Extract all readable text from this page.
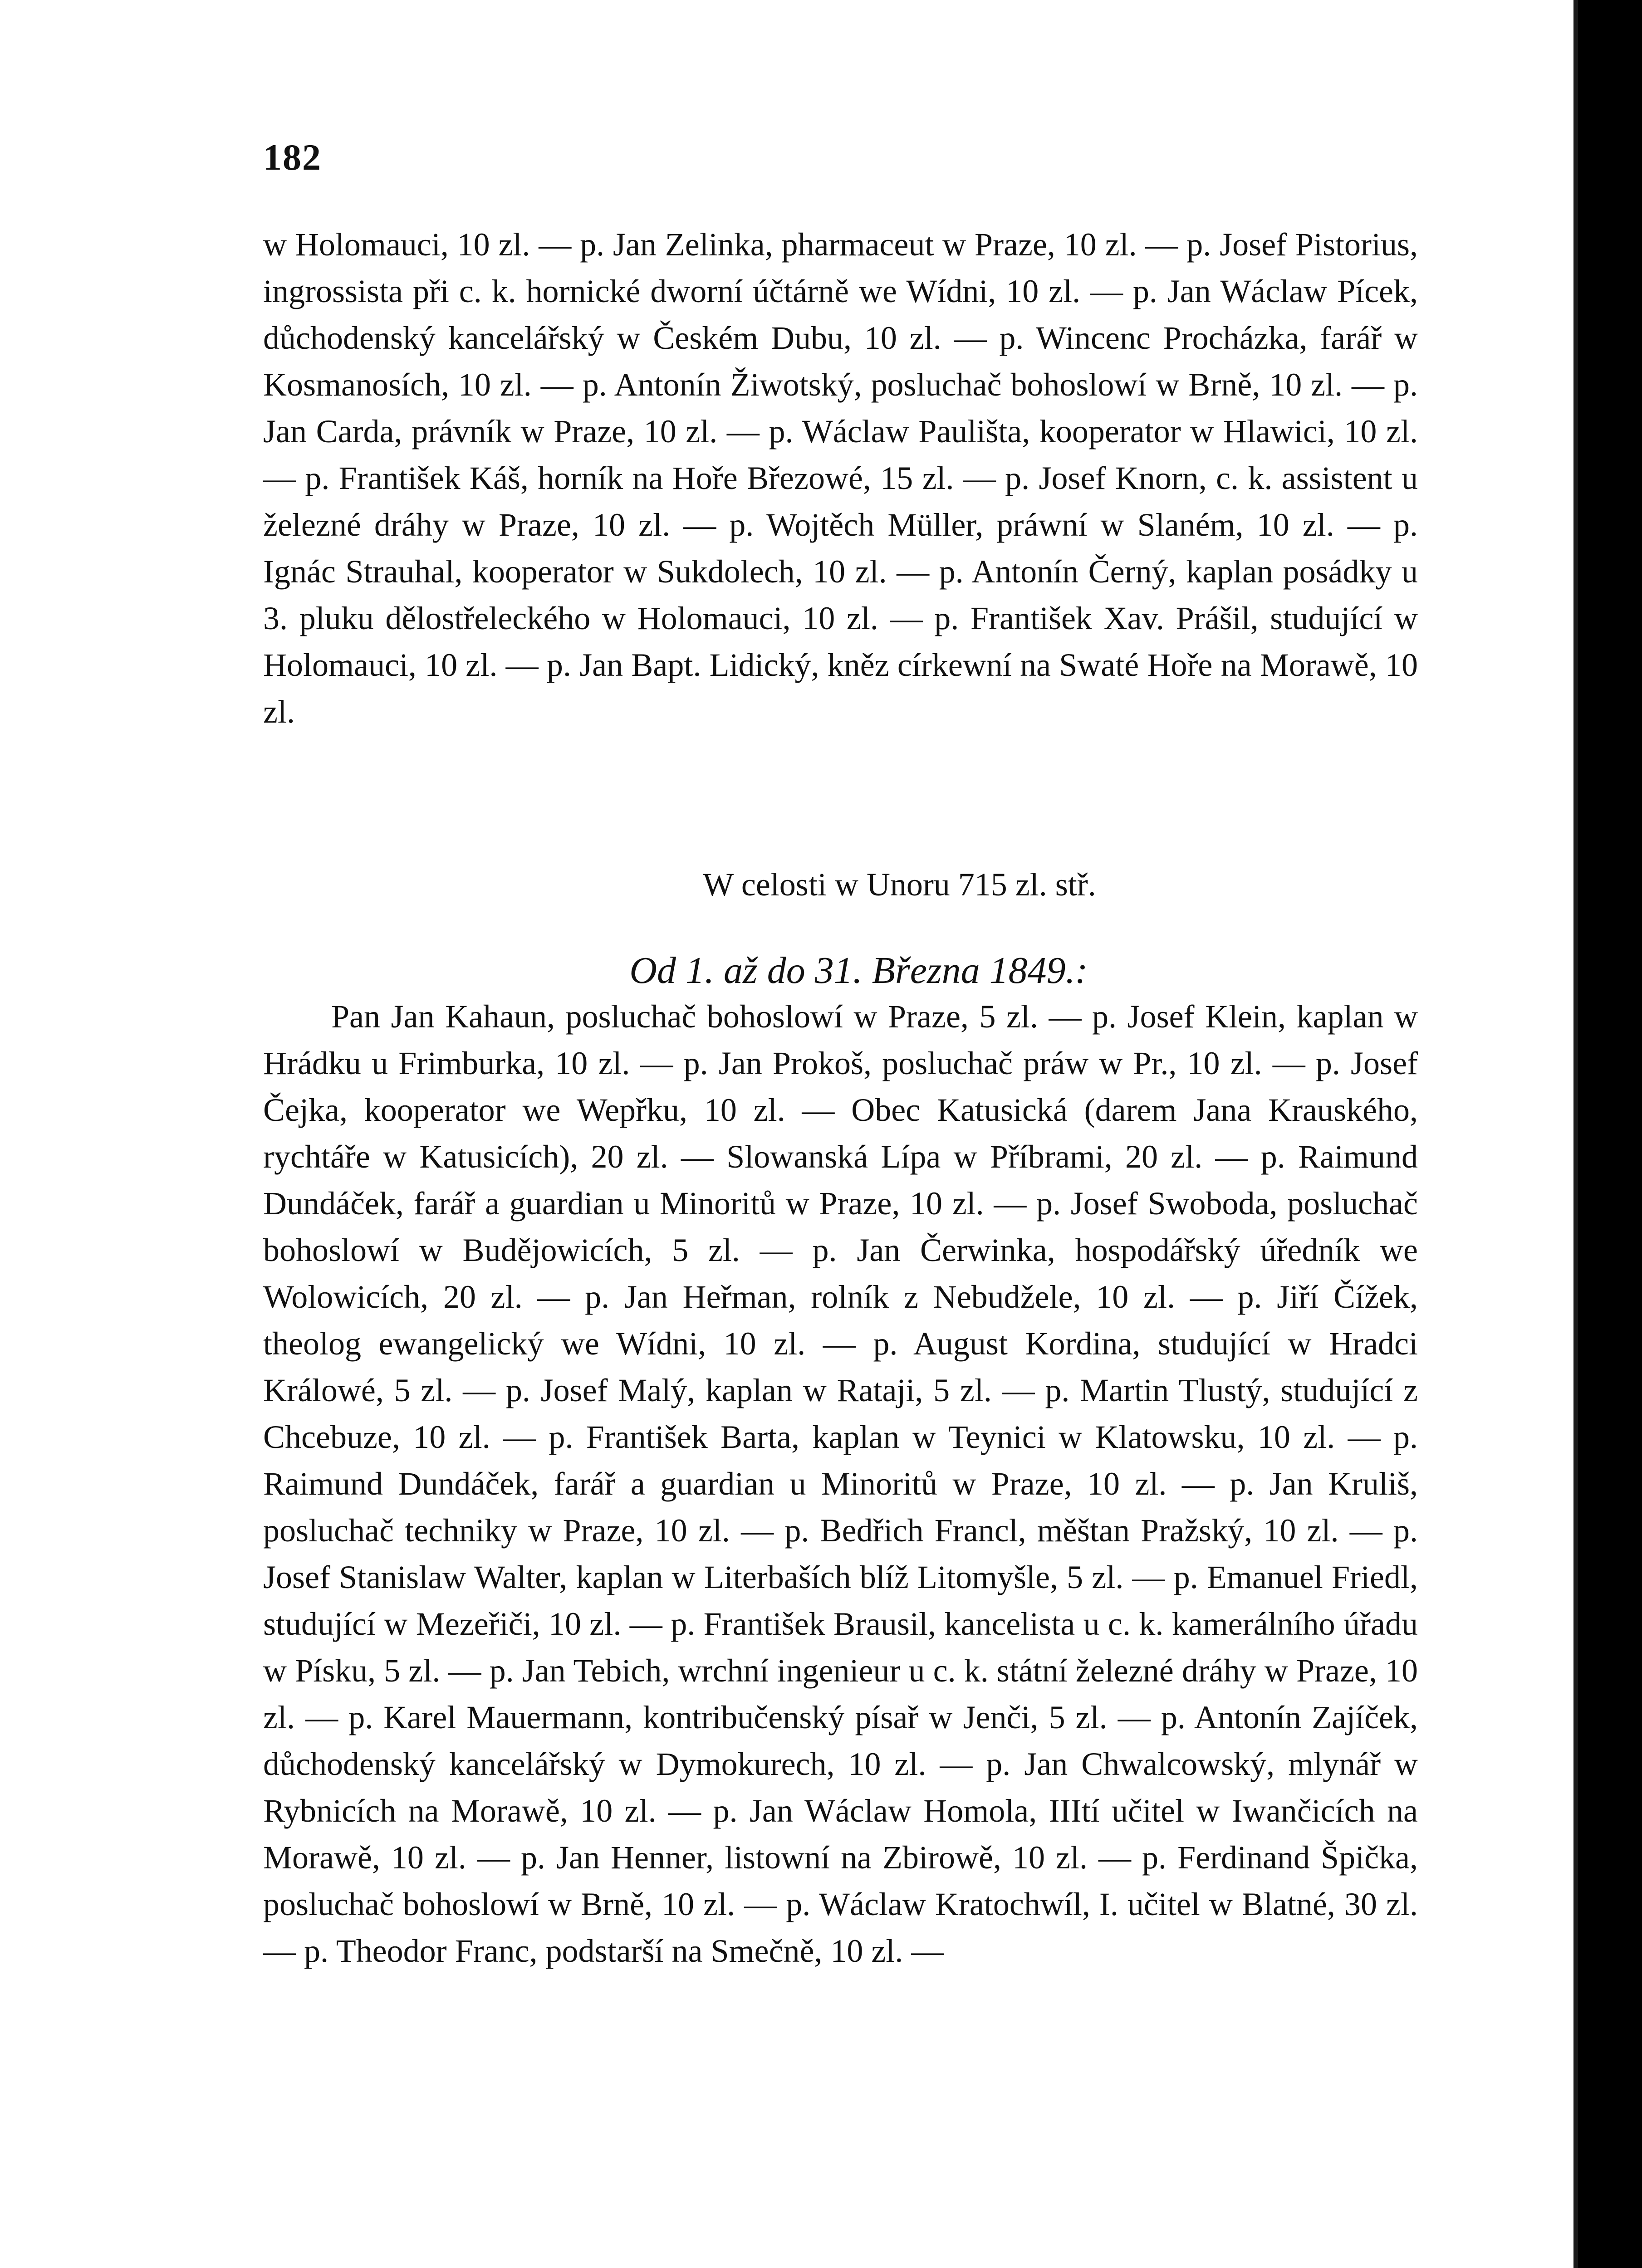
182

w Holomauci, 10 zl. — p. Jan Zelinka, pharmaceut w Praze, 10 zl. — p. Josef Pistorius, ingrossista při c. k. hornické dworní účtárně we Wídni, 10 zl. — p. Jan Wáclaw Pícek, důchodenský kancelářský w Českém Dubu, 10 zl. — p. Wincenc Procházka, farář w Kosmanosích, 10 zl. — p. Antonín Žiwotský, posluchač bohoslowí w Brně, 10 zl. — p. Jan Carda, právník w Praze, 10 zl. — p. Wáclaw Paulišta, kooperator w Hlawici, 10 zl. — p. František Káš, horník na Hoře Březowé, 15 zl. — p. Josef Knorn, c. k. assistent u železné dráhy w Praze, 10 zl. — p. Wojtěch Müller, práwní w Slaném, 10 zl. — p. Ignác Strauhal, kooperator w Sukdolech, 10 zl. — p. Antonín Černý, kaplan posádky u 3. pluku dělostřeleckého w Holomauci, 10 zl. — p. František Xav. Prášil, studující w Holomauci, 10 zl. — p. Jan Bapt. Lidický, kněz církewní na Swaté Hoře na Morawě, 10 zl.

W celosti w Unoru 715 zl. stř.
Od 1. až do 31. Března 1849.:

Pan Jan Kahaun, posluchač bohoslowí w Praze, 5 zl. — p. Josef Klein, kaplan w Hrádku u Frimburka, 10 zl. — p. Jan Prokoš, posluchač práw w Pr., 10 zl. — p. Josef Čejka, kooperator we Wepřku, 10 zl. — Obec Katusická (darem Jana Krauského, rychtáře w Katusicích), 20 zl. — Slowanská Lípa w Příbrami, 20 zl. — p. Raimund Dundáček, farář a guardian u Minoritů w Praze, 10 zl. — p. Josef Swoboda, posluchač bohoslowí w Budějowicích, 5 zl. — p. Jan Čerwinka, hospodářský úředník we Wolowicích, 20 zl. — p. Jan Heřman, rolník z Nebudžele, 10 zl. — p. Jiří Čížek, theolog ewangelický we Wídni, 10 zl. — p. August Kordina, studující w Hradci Králowé, 5 zl. — p. Josef Malý, kaplan w Rataji, 5 zl. — p. Martin Tlustý, studující z Chcebuze, 10 zl. — p. František Barta, kaplan w Teynici w Klatowsku, 10 zl. — p. Raimund Dundáček, farář a guardian u Minoritů w Praze, 10 zl. — p. Jan Kruliš, posluchač techniky w Praze, 10 zl. — p. Bedřich Francl, měštan Pražský, 10 zl. — p. Josef Stanislaw Walter, kaplan w Literbaších blíž Litomyšle, 5 zl. — p. Emanuel Friedl, studující w Mezeřiči, 10 zl. — p. František Brausil, kancelista u c. k. kamerálního úřadu w Písku, 5 zl. — p. Jan Tebich, wrchní ingenieur u c. k. státní železné dráhy w Praze, 10 zl. — p. Karel Mauermann, kontribučenský písař w Jenči, 5 zl. — p. Antonín Zajíček, důchodenský kancelářský w Dymokurech, 10 zl. — p. Jan Chwalcowský, mlynář w Rybnicích na Morawě, 10 zl. — p. Jan Wáclaw Homola, IIItí učitel w Iwančicích na Morawě, 10 zl. — p. Jan Henner, listowní na Zbirowě, 10 zl. — p. Ferdinand Špička, posluchač bohoslowí w Brně, 10 zl. — p. Wáclaw Kratochwíl, I. učitel w Blatné, 30 zl. — p. Theodor Franc, podstarší na Smečně, 10 zl. —
